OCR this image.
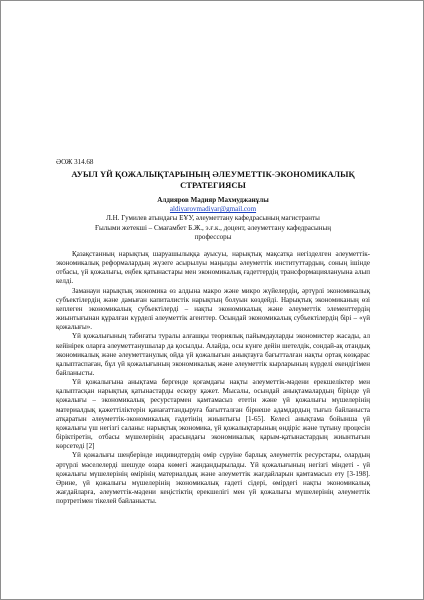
ӘОЖ 314.68

АУЫЛ ҮЙ ҚОЖАЛЫҚТАРЫНЫҢ ӘЛЕУМЕТТІК-ЭКОНОМИКАЛЫҚ
СТРАТЕГИЯСЫ

Алдияров Мадияр Махмуджанұлы

aldiyarovmadiyar@gmail.com

Л.Н. Гумилев атындағы ЕҰУ, әлеуметтану кафедрасының магистранты

Ғылыми жетекші – Смағамбет Б.Ж., э.ғ.к., доцент, әлеуметтану кафедрасының
профессоры

Қазақстанның нарықтық шаруашылыққа ауысуы, нарықтық мақсатқа негізделген әлеуметтік-экономикалық реформалардың жүзеге асырылуы маңызды әлеуметтік институттардың, соның ішінде отбасы, үй қожалығы, еңбек қатынастары мен экономикалық ғадеттердің трансформациялануына алып келді.

Заманауи нарықтық экономика өз алдына макро және микро жүйелердің, әртүрлі экономикалық субъектілердің және дамыған капиталистік нарықтың болуын көздейді. Нарықтық экономиканың өзі кеплеген экономикалық субъектілерді – нақты экономикалық және әлеуметтік элементтердің жиынтығынан құралған күрделі әлеуметтік агенттер. Осындай экономикалық субъектілердің бірі – «үй қожалығы».

Үй қожалығының табиғаты туралы алғашқы теориялық пайымдауларды экономистер жасады, ал кейінірек оларға әлеуметтанушылар да қосылды. Алайда, осы күнге дейін шетелдік, сондай-ақ отандық экономикалық және әлеуметтанулық ойда үй қожалығын анықтауға бағытталған нақты ортақ көзқарас қалыптаспаған, бұл үй қожалығының экономикалық және әлеуметтік кырларының күрделі екендігімен байланысты.

Үй қожалығына анықтама бергенде қоғамдағы нақты әлеуметтік-мәдени ерекшеліктер мен қалыптасқан нарықтық қатынастарды ескеру қажет. Мысалы, осындай анықтамалардың бірінде үй қожалығы – экономикалық ресурстармен қамтамасыз ететін және үй қожалығы мүшелерінің материалдық қажеттіліктерін қанағаттандыруға бағытталған бірнеше адамдардың тығыз байланыста атқаратын әлеуметтік-экономикалық ғадетінің жиынтығы [1-65]. Келесі анықтама бойынша үй қожалығы үш негізгі саланы: нарықтық экономика, үй қожалықтарының өндіріс және тұтыну процесін біріктіретін, отбасы мүшелерінің арасындағы экономикалық қарым-қатынастардың жиынтығын көрсетеді [2]

Үй қожалығы шеңберінде индивидтердің өмір сүруіне барлық әлеуметтік ресурстары, олардың әртүрлі мәселелерді шешуде өзара көмегі жандандырылады. Үй қожалығының негізгі міндеті - үй қожалығы мүшелерінің өмірінің материалдық және әлеуметтік жағдайларын қамтамасыз ету [3-198]. Әрине, үй қожалығы мүшелерінің экономикалық ғадеті сідері, өмірдегі нақты экономикалық жағдайларға, әлеуметтік-мәдени кеңістіктің ерекшелігі мен үй қожалығы мүшелерінің әлеуметтік портретімен тікелей байланысты.
